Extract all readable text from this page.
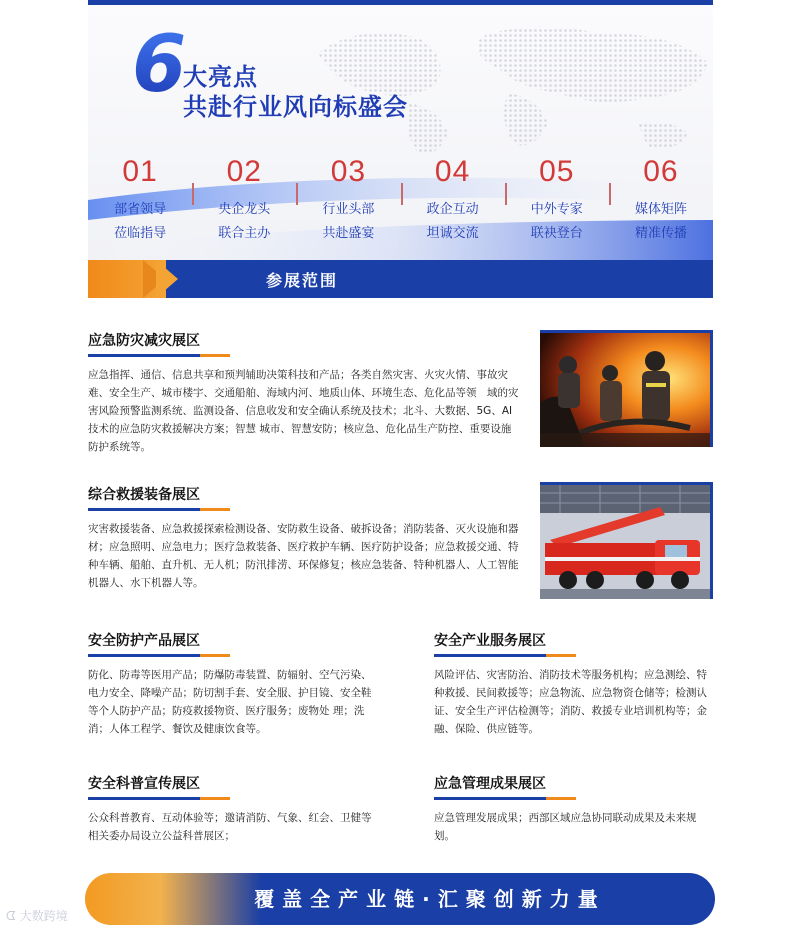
6
大亮点
共赴行业风向标盛会
01
部省领导
莅临指导
02
央企龙头
联合主办
03
行业头部
共赴盛宴
04
政企互动
坦诚交流
05
中外专家
联袂登台
06
媒体矩阵
精准传播
参展范围
应急防灾减灾展区
应急指挥、通信、信息共享和预判辅助决策科技和产品；各类自然灾害、火灾火情、事故灾难、安全生产、城市楼宇、交通船舶、海域内河、地质山体、环境生态、危化品等领　域的灾害风险预警监测系统、监测设备、信息收发和安全确认系统及技术；北斗、大数据、5G、AI 技术的应急防灾救援解决方案；智慧 城市、智慧安防；核应急、危化品生产防控、重要设施防护系统等。
综合救援装备展区
灾害救援装备、应急救援探索检测设备、安防救生设备、破拆设备；消防装备、灭火设施和器材；应急照明、应急电力；医疗急救装备、医疗救护车辆、医疗防护设备；应急救援交通、特种车辆、船舶、直升机、无人机；防汛排涝、环保修复；核应急装备、特种机器人、人工智能机器人、水下机器人等。
安全防护产品展区
防化、防毒等医用产品；防爆防毒装置、防辐射、空气污染、电力安全、降噪产品；防切割手套、安全服、护目镜、安全鞋等个人防护产品；防疫救援物资、医疗服务；废物处 理；洗消；人体工程学、餐饮及健康饮食等。
安全产业服务展区
风险评估、灾害防治、消防技术等服务机构；应急测绘、特种救援、民间救援等；应急物流、应急物资仓储等；检测认证、安全生产评估检测等；消防、救援专业培训机构等；金融、保险、供应链等。
安全科普宣传展区
公众科普教育、互动体验等；邀请消防、气象、红会、卫健等相关委办局设立公益科普展区；
应急管理成果展区
应急管理发展成果；西部区域应急协同联动成果及未来规划。
覆盖全产业链·汇聚创新力量
ᗧ 大数跨境
